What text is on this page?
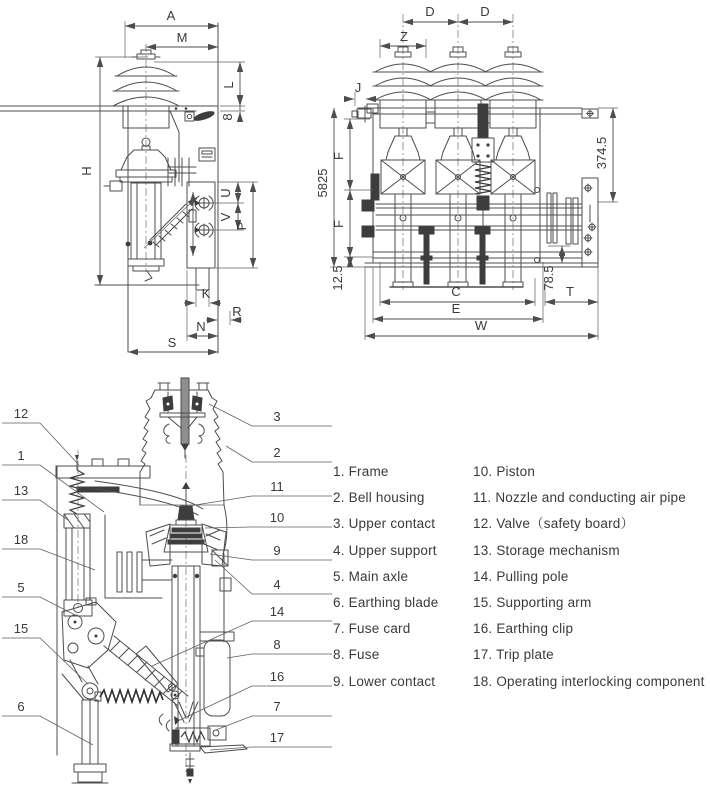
A
M
H
L
8
U
V
P
K
R
N
S
D	D
Z
J
5825
F
F
12.5
374.5
78.5
C	T
E
W
12
1
13
18
5
15
6
3
2
11
10
9
4
14
8
16
7
17
1. Frame
2. Bell housing
3. Upper contact
4. Upper support
5. Main axle
6. Earthing blade
7. Fuse card
8. Fuse
9. Lower contact
10. Piston
11. Nozzle and conducting air pipe
12. Valve（safety board）
13. Storage mechanism
14. Pulling pole
15. Supporting arm
16. Earthing clip
17. Trip plate
18. Operating interlocking component
